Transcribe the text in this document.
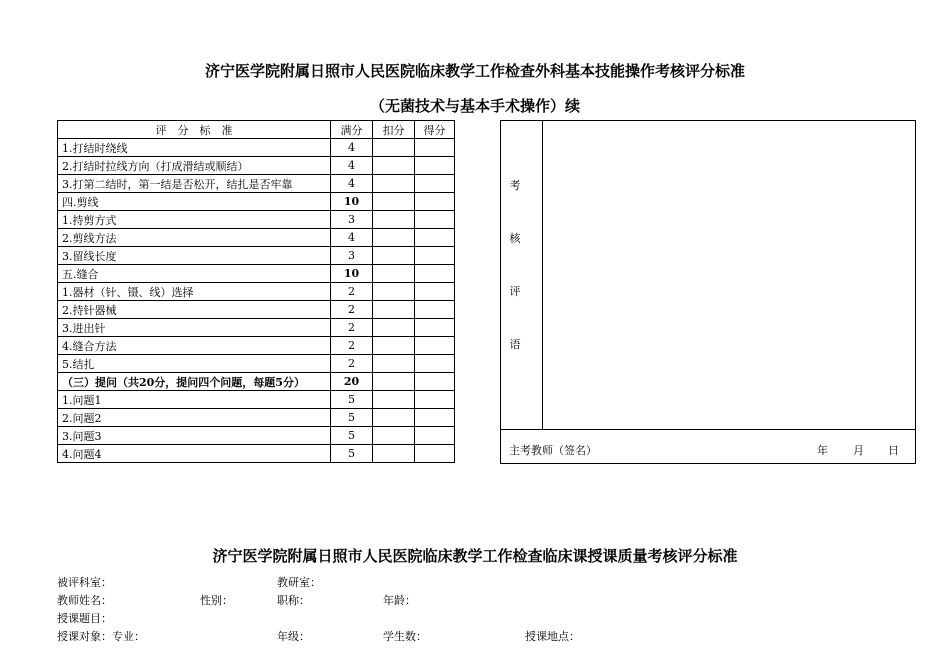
济宁医学院附属日照市人民医院临床教学工作检查外科基本技能操作考核评分标准
（无菌技术与基本手术操作）续
评　分　标　准	满分	扣分	得分
1.打结时绕线	4		
2.打结时拉线方向（打成滑结或顺结）	4		
3.打第二结时，第一结是否松开，结扎是否牢靠	4		
四.剪线	10		
1.持剪方式	3		
2.剪线方法	4		
3.留线长度	3		
五.缝合	10		
1.器材（针、镊、线）选择	2		
2.持针器械	2		
3.进出针	2		
4.缝合方法	2		
5.结扎	2		
（三）提问（共20分，提问四个问题，每题5分）	20		
1.问题1	5		
2.问题2	5		
3.问题3	5		
4.问题4	5		
考
核
评
语
主考教师（签名）	年 月 日
济宁医学院附属日照市人民医院临床教学工作检查临床课授课质量考核评分标准
被评科室：	教研室：
教师姓名：	性别：	职称：	年龄：
授课题目：
授课对象：专业：	年级：	学生数：	授课地点：
